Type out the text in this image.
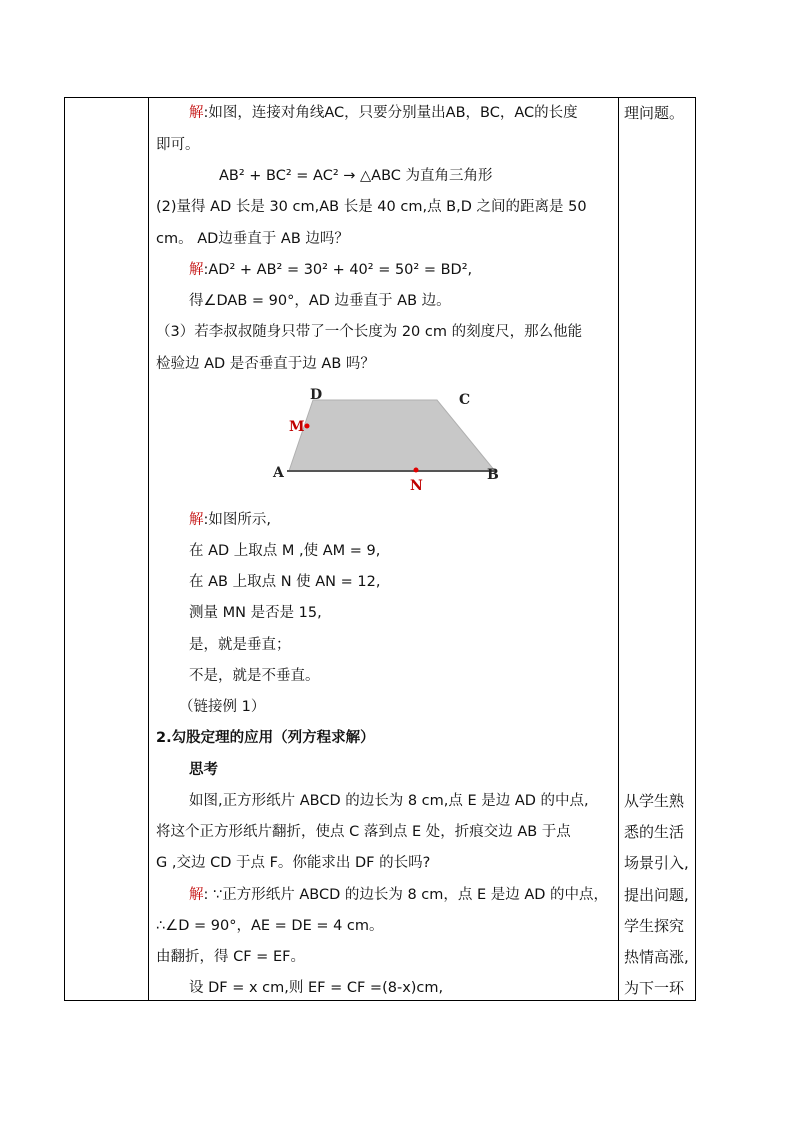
解:如图，连接对角线AC，只要分别量出AB，BC，AC的长度
即可。
AB² + BC² = AC² → △ABC 为直角三角形
(2)量得 AD 长是 30 cm,AB 长是 40 cm,点 B,D 之间的距离是 50
cm。 AD边垂直于 AB 边吗？
解:AD² + AB² = 30² + 40² = 50² = BD²,
得∠DAB = 90°，AD 边垂直于 AB 边。
（3）若李叔叔随身只带了一个长度为 20 cm 的刻度尺，那么他能
检验边 AD 是否垂直于边 AB 吗？
D	C
M
A	B
N
解:如图所示,
在 AD 上取点 M ,使 AM = 9,
在 AB 上取点 N 使 AN = 12,
测量 MN 是否是 15,
是，就是垂直；
不是，就是不垂直。
（链接例 1）
2.勾股定理的应用（列方程求解）
思考
如图,正方形纸片 ABCD 的边长为 8 cm,点 E 是边 AD 的中点,
将这个正方形纸片翻折，使点 C 落到点 E 处，折痕交边 AB 于点
G ,交边 CD 于点 F。你能求出 DF 的长吗?
解: ∵正方形纸片 ABCD 的边长为 8 cm，点 E 是边 AD 的中点，
∴∠D = 90°，AE = DE = 4 cm。
由翻折，得 CF = EF。
设 DF = x cm,则 EF = CF =(8-x)cm,
理问题。
从学生熟
悉的生活
场景引入,
提出问题,
学生探究
热情高涨,
为下一环
